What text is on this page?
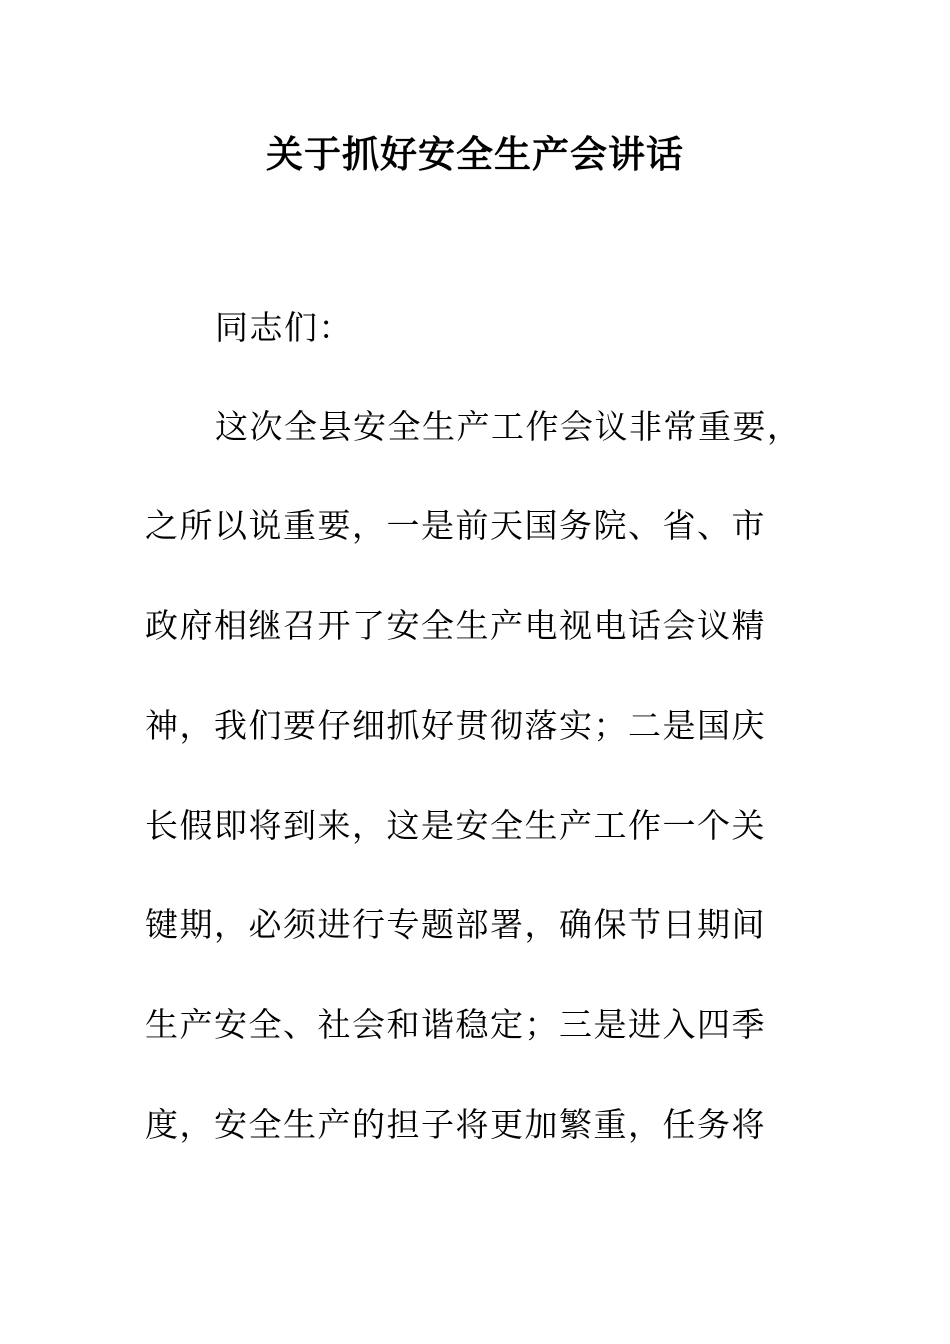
关于抓好安全生产会讲话
同志们：
这次全县安全生产工作会议非常重要，
之所以说重要，一是前天国务院、省、市
政府相继召开了安全生产电视电话会议精
神，我们要仔细抓好贯彻落实；二是国庆
长假即将到来，这是安全生产工作一个关
键期，必须进行专题部署，确保节日期间
生产安全、社会和谐稳定；三是进入四季
度，安全生产的担子将更加繁重，任务将
